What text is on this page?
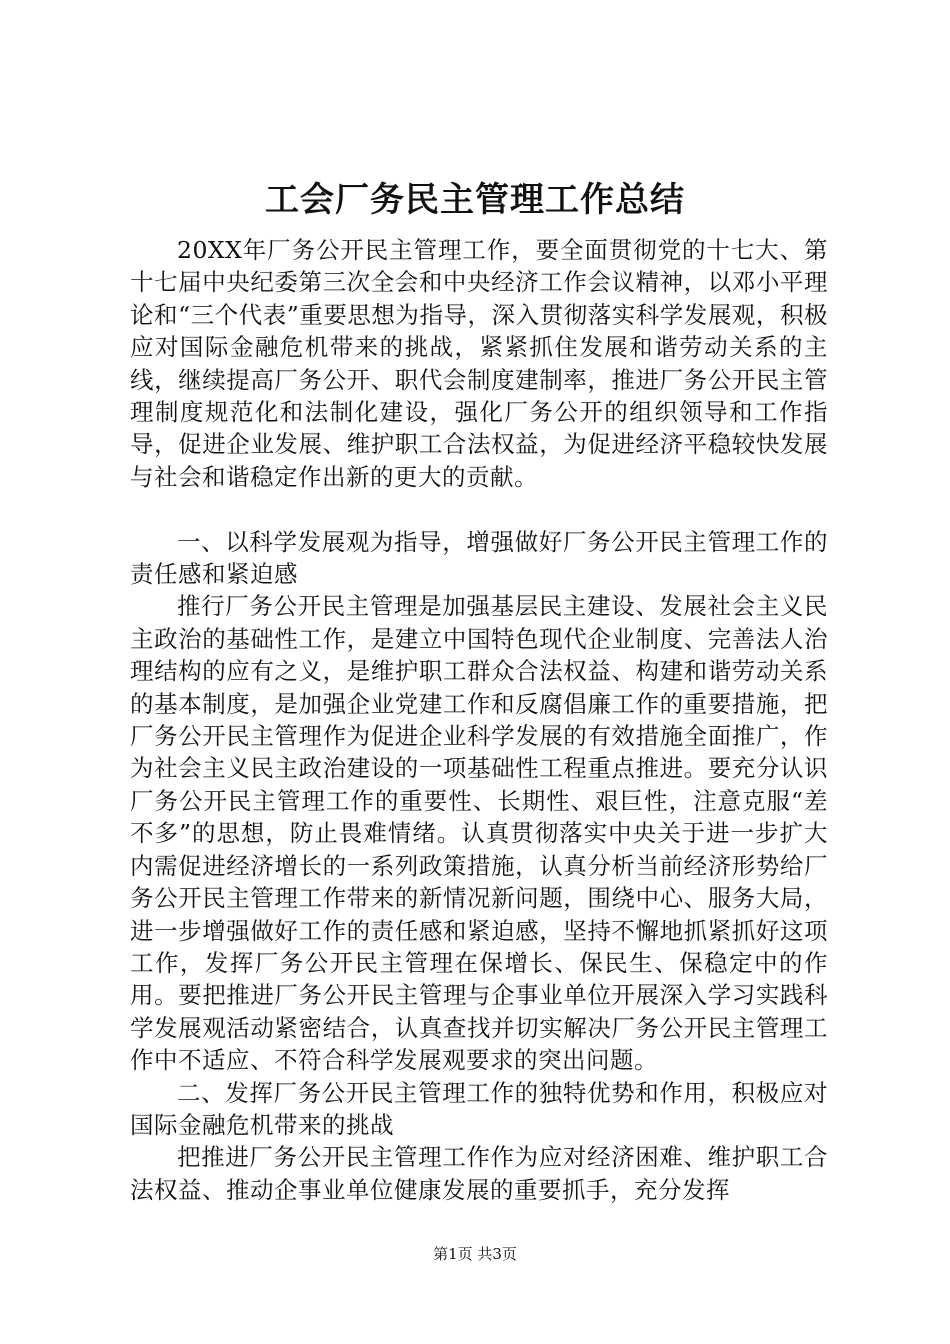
工会厂务民主管理工作总结

20XX年厂务公开民主管理工作，要全面贯彻党的十七大、第十七届中央纪委第三次全会和中央经济工作会议精神，以邓小平理论和“三个代表”重要思想为指导，深入贯彻落实科学发展观，积极应对国际金融危机带来的挑战，紧紧抓住发展和谐劳动关系的主线，继续提高厂务公开、职代会制度建制率，推进厂务公开民主管理制度规范化和法制化建设，强化厂务公开的组织领导和工作指导，促进企业发展、维护职工合法权益，为促进经济平稳较快发展与社会和谐稳定作出新的更大的贡献。

一、以科学发展观为指导，增强做好厂务公开民主管理工作的责任感和紧迫感

推行厂务公开民主管理是加强基层民主建设、发展社会主义民主政治的基础性工作，是建立中国特色现代企业制度、完善法人治理结构的应有之义，是维护职工群众合法权益、构建和谐劳动关系的基本制度，是加强企业党建工作和反腐倡廉工作的重要措施，把厂务公开民主管理作为促进企业科学发展的有效措施全面推广，作为社会主义民主政治建设的一项基础性工程重点推进。要充分认识厂务公开民主管理工作的重要性、长期性、艰巨性，注意克服“差不多”的思想，防止畏难情绪。认真贯彻落实中央关于进一步扩大内需促进经济增长的一系列政策措施，认真分析当前经济形势给厂务公开民主管理工作带来的新情况新问题，围绕中心、服务大局，进一步增强做好工作的责任感和紧迫感，坚持不懈地抓紧抓好这项工作，发挥厂务公开民主管理在保增长、保民生、保稳定中的作用。要把推进厂务公开民主管理与企事业单位开展深入学习实践科学发展观活动紧密结合，认真查找并切实解决厂务公开民主管理工作中不适应、不符合科学发展观要求的突出问题。

二、发挥厂务公开民主管理工作的独特优势和作用，积极应对国际金融危机带来的挑战

把推进厂务公开民主管理工作作为应对经济困难、维护职工合法权益、推动企事业单位健康发展的重要抓手，充分发挥

第1页 共3页
